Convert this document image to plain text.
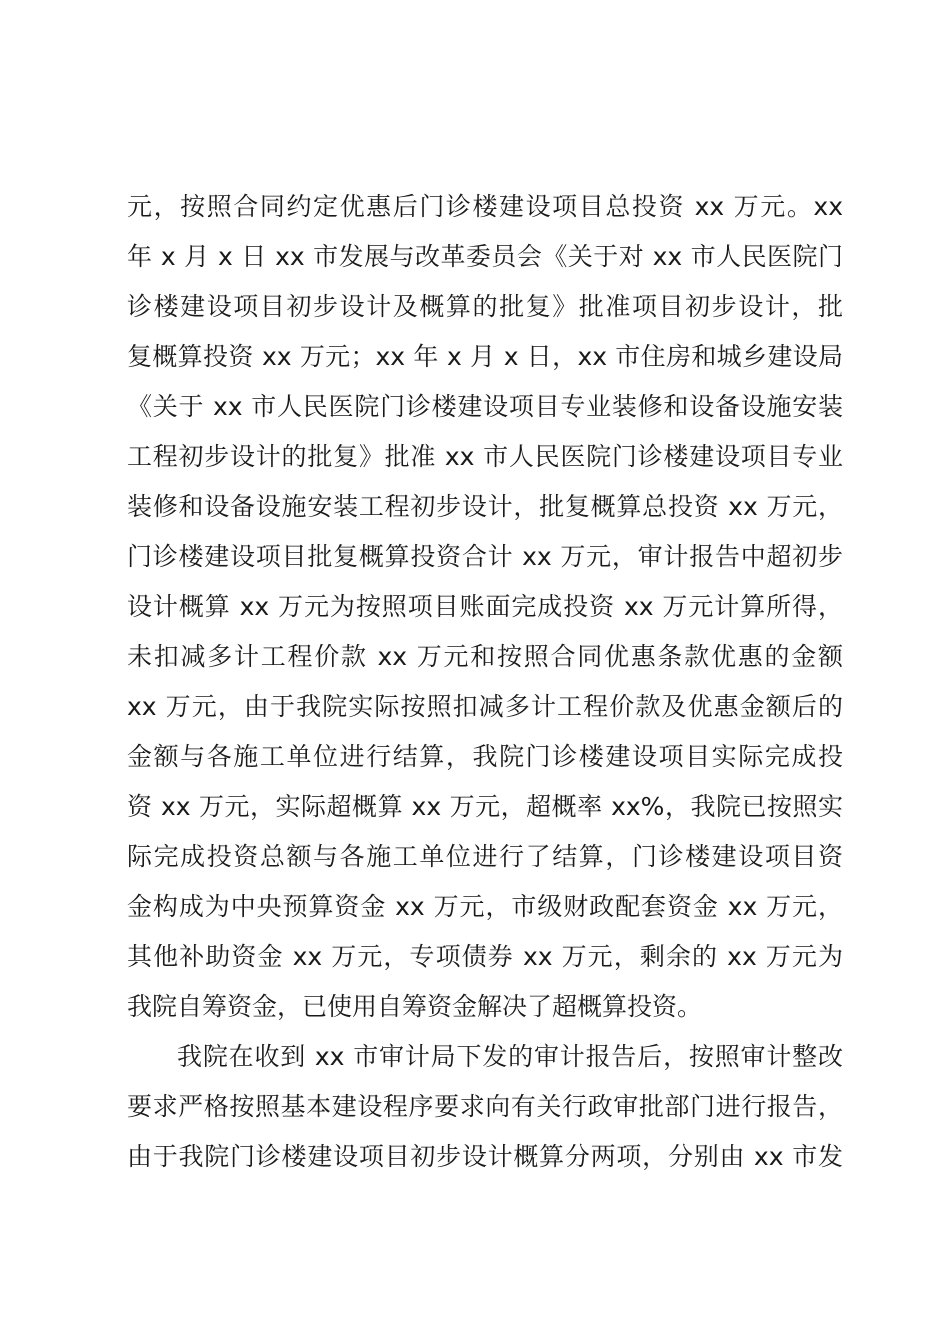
元，按照合同约定优惠后门诊楼建设项目总投资 xx 万元。xx
年 x 月 x 日 xx 市发展与改革委员会《关于对 xx 市人民医院门
诊楼建设项目初步设计及概算的批复》批准项目初步设计，批
复概算投资 xx 万元；xx 年 x 月 x 日，xx 市住房和城乡建设局
《关于 xx 市人民医院门诊楼建设项目专业装修和设备设施安装
工程初步设计的批复》批准 xx 市人民医院门诊楼建设项目专业
装修和设备设施安装工程初步设计，批复概算总投资 xx 万元，
门诊楼建设项目批复概算投资合计 xx 万元，审计报告中超初步
设计概算 xx 万元为按照项目账面完成投资 xx 万元计算所得，
未扣减多计工程价款 xx 万元和按照合同优惠条款优惠的金额
xx 万元，由于我院实际按照扣减多计工程价款及优惠金额后的
金额与各施工单位进行结算，我院门诊楼建设项目实际完成投
资 xx 万元，实际超概算 xx 万元，超概率 xx%，我院已按照实
际完成投资总额与各施工单位进行了结算，门诊楼建设项目资
金构成为中央预算资金 xx 万元，市级财政配套资金 xx 万元，
其他补助资金 xx 万元，专项债券 xx 万元，剩余的 xx 万元为
我院自筹资金，已使用自筹资金解决了超概算投资。
我院在收到 xx 市审计局下发的审计报告后，按照审计整改
要求严格按照基本建设程序要求向有关行政审批部门进行报告，
由于我院门诊楼建设项目初步设计概算分两项，分别由 xx 市发
